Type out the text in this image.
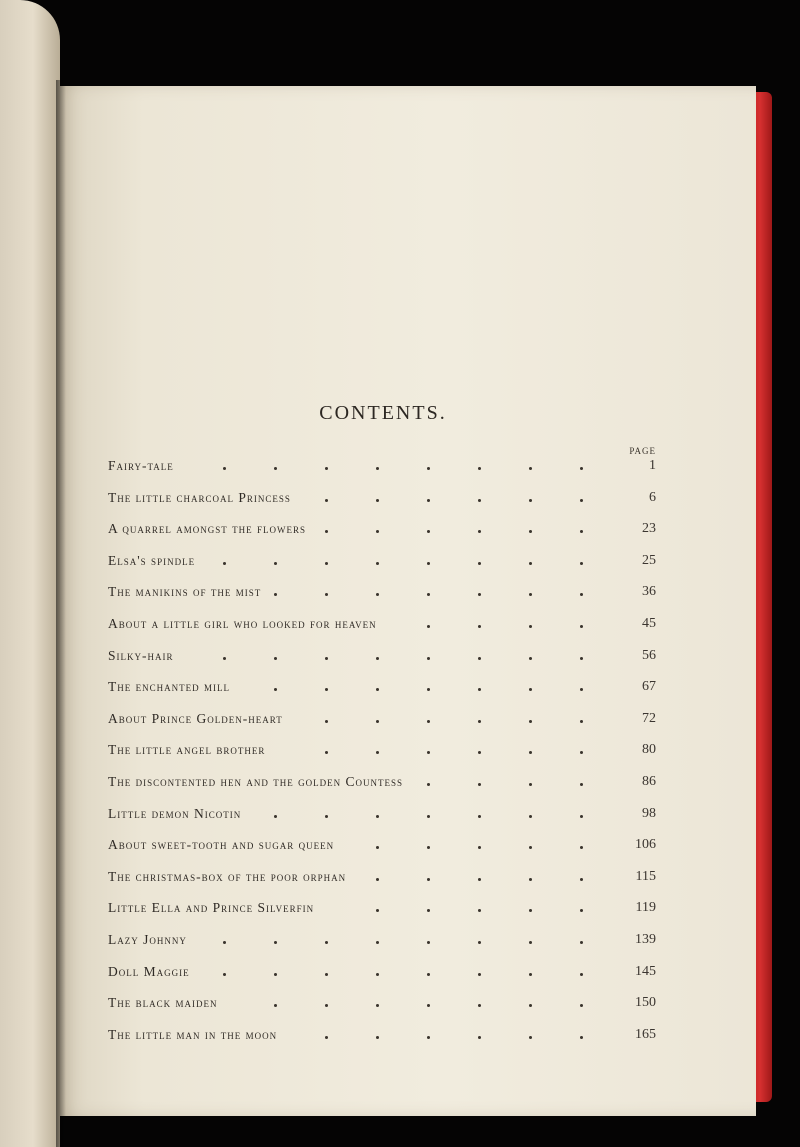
CONTENTS.
PAGE
Fairy-tale	1
The little charcoal Princess	6
A quarrel amongst the flowers	23
Elsa's spindle	25
The manikins of the mist	36
About a little girl who looked for heaven	45
Silky-hair	56
The enchanted mill	67
About Prince Golden-heart	72
The little angel brother	80
The discontented hen and the golden Countess	86
Little demon Nicotin	98
About sweet-tooth and sugar queen	106
The christmas-box of the poor orphan	115
Little Ella and Prince Silverfin	119
Lazy Johnny	139
Doll Maggie	145
The black maiden	150
The little man in the moon	165
